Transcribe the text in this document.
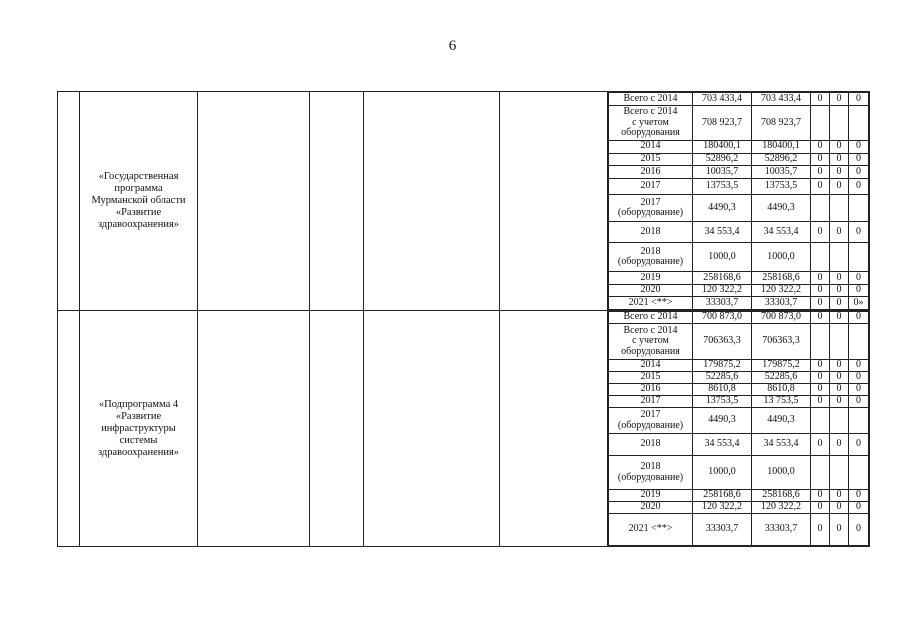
6

«Государственная
программа
Мурманской области
«Развитие
здравоохранения»

Всего с 2014	703 433,4	703 433,4	0	0	0

Всего с 2014
с учетом
оборудования
	708 923,7	708 923,7			

2014	180400,1	180400,1	0	0	0

2015	52896,2	52896,2	0	0	0

2016	10035,7	10035,7	0	0	0

2017	13753,5	13753,5	0	0	0

2017
(оборудование)	4490,3	4490,3			

2018	34 553,4	34 553,4	0	0	0

2018
(оборудование)	1000,0	1000,0			

2019	258168,6	258168,6	0	0	0

2020	120 322,2	120 322,2	0	0	0

2021 <**>	33303,7	33303,7	0	0	0»

«Подпрограмма 4
«Развитие
инфраструктуры
системы
здравоохранения»

Всего с 2014	700 873,0	700 873,0	0	0	0

Всего с 2014
с учетом
оборудования
	706363,3	706363,3			

2014	179875,2	179875,2	0	0	0

2015	52285,6	52285,6	0	0	0

2016	8610,8	8610,8	0	0	0

2017	13753,5	13 753,5	0	0	0

2017
(оборудование)	4490,3	4490,3			

2018	34 553,4	34 553,4	0	0	0

2018
(оборудование)	1000,0	1000,0			

2019	258168,6	258168,6	0	0	0

2020	120 322,2	120 322,2	0	0	0

2021 <**>	33303,7	33303,7	0	0	0
